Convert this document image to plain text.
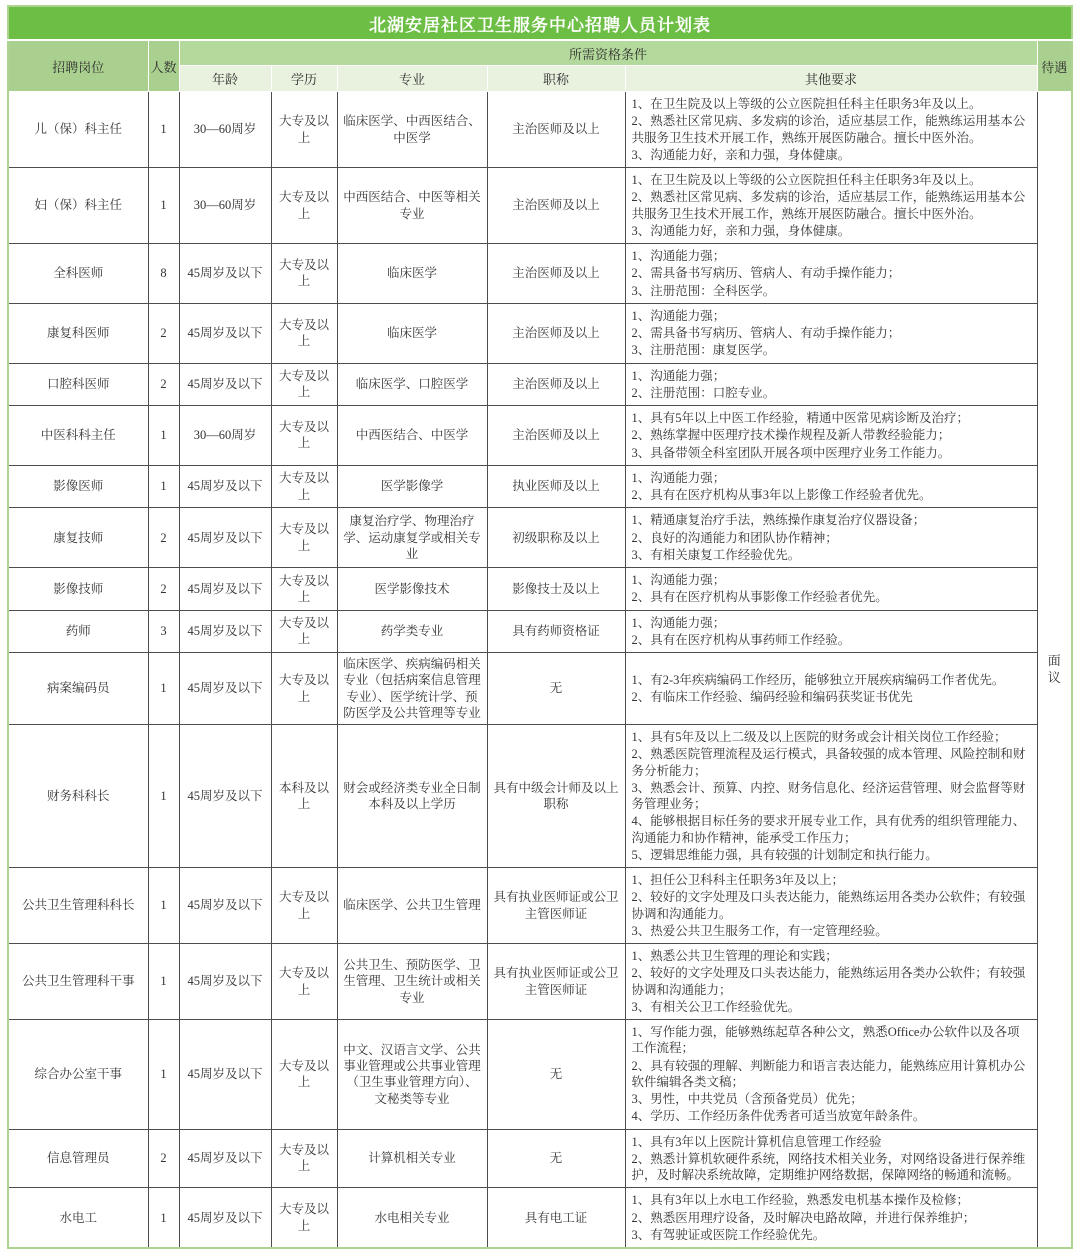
北湖安居社区卫生服务中心招聘人员计划表							
招聘岗位	人数	所需资格条件					待遇
		年龄	学历	专业	职称	其他要求	
儿（保）科主任	1	30—60周岁	大专及以上	临床医学、中西医结合、中医学	主治医师及以上	1、在卫生院及以上等级的公立医院担任科主任职务3年及以上。
2、熟悉社区常见病、多发病的诊治，适应基层工作，能熟练运用基本公共服务卫生技术开展工作，熟练开展医防融合。擅长中医外治。
3、沟通能力好，亲和力强，身体健康。	面议
妇（保）科主任	1	30—60周岁	大专及以上	中西医结合、中医等相关专业	主治医师及以上	1、在卫生院及以上等级的公立医院担任科主任职务3年及以上。
2、熟悉社区常见病、多发病的诊治，适应基层工作，能熟练运用基本公共服务卫生技术开展工作，熟练开展医防融合。擅长中医外治。
3、沟通能力好，亲和力强，身体健康。	

全科医师	8	45周岁及以下	大专及以上	临床医学	主治医师及以上	1、沟通能力强；
2、需具备书写病历、管病人、有动手操作能力；
3、注册范围：全科医学。	

康复科医师	2	45周岁及以下	大专及以上	临床医学	主治医师及以上	1、沟通能力强；
2、需具备书写病历、管病人、有动手操作能力；
3、注册范围：康复医学。	

口腔科医师	2	45周岁及以下	大专及以上	临床医学、口腔医学	主治医师及以上	1、沟通能力强；
2、注册范围：口腔专业。	

中医科科主任	1	30—60周岁	大专及以上	中西医结合、中医学	主治医师及以上	1、具有5年以上中医工作经验，精通中医常见病诊断及治疗；
2、熟练掌握中医理疗技术操作规程及新人带教经验能力；
3、具备带领全科室团队开展各项中医理疗业务工作能力。	

影像医师	1	45周岁及以下	大专及以上	医学影像学	执业医师及以上	1、沟通能力强；
2、具有在医疗机构从事3年以上影像工作经验者优先。	

康复技师	2	45周岁及以下	大专及以上	康复治疗学、物理治疗学、运动康复学或相关专业	初级职称及以上	1、精通康复治疗手法，熟练操作康复治疗仪器设备；
2、良好的沟通能力和团队协作精神；
3、有相关康复工作经验优先。	

影像技师	2	45周岁及以下	大专及以上	医学影像技术	影像技士及以上	1、沟通能力强；
2、具有在医疗机构从事影像工作经验者优先。	

药师	3	45周岁及以下	大专及以上	药学类专业	具有药师资格证	1、沟通能力强；
2、具有在医疗机构从事药师工作经验。	

病案编码员	1	45周岁及以下	大专及以上	临床医学、疾病编码相关专业（包括病案信息管理专业）、医学统计学、预防医学及公共管理等专业	无	1、有2-3年疾病编码工作经历，能够独立开展疾病编码工作者优先。
2、有临床工作经验、编码经验和编码获奖证书优先	

财务科科长	1	45周岁及以下	本科及以上	财会或经济类专业全日制本科及以上学历	具有中级会计师及以上职称	1、具有5年及以上二级及以上医院的财务或会计相关岗位工作经验；
2、熟悉医院管理流程及运行模式，具备较强的成本管理、风险控制和财务分析能力；
3、熟悉会计、预算、内控、财务信息化、经济运营管理、财会监督等财务管理业务；
4、能够根据目标任务的要求开展专业工作，具有优秀的组织管理能力、沟通能力和协作精神，能承受工作压力；
5、逻辑思维能力强，具有较强的计划制定和执行能力。	

公共卫生管理科科长	1	45周岁及以下	大专及以上	临床医学、公共卫生管理	具有执业医师证或公卫主管医师证	1、担任公卫科科主任职务3年及以上；
2、较好的文字处理及口头表达能力，能熟练运用各类办公软件；有较强协调和沟通能力。
3、热爱公共卫生服务工作，有一定管理经验。	

公共卫生管理科干事	1	45周岁及以下	大专及以上	公共卫生、预防医学、卫生管理、卫生统计或相关专业	具有执业医师证或公卫主管医师证	1、熟悉公共卫生管理的理论和实践；
2、较好的文字处理及口头表达能力，能熟练运用各类办公软件；有较强协调和沟通能力；
3、有相关公卫工作经验优先。	

综合办公室干事	1	45周岁及以下	大专及以上	中文、汉语言文学、公共事业管理或公共事业管理（卫生事业管理方向）、文秘类等专业	无	1、写作能力强，能够熟练起草各种公文，熟悉Office办公软件以及各项工作流程；
2、具有较强的理解、判断能力和语言表达能力，能熟练应用计算机办公软件编辑各类文稿；
3、男性，中共党员（含预备党员）优先；
4、学历、工作经历条件优秀者可适当放宽年龄条件。	

信息管理员	2	45周岁及以下	大专及以上	计算机相关专业	无	1、具有3年以上医院计算机信息管理工作经验
2、熟悉计算机软硬件系统，网络技术相关业务，对网络设备进行保养维护，及时解决系统故障，定期维护网络数据，保障网络的畅通和流畅。	

水电工	1	45周岁及以下	大专及以上	水电相关专业	具有电工证	1、具有3年以上水电工作经验，熟悉发电机基本操作及检修；
2、熟悉医用理疗设备，及时解决电路故障，并进行保养维护；
3、有驾驶证或医院工作经验优先。	
